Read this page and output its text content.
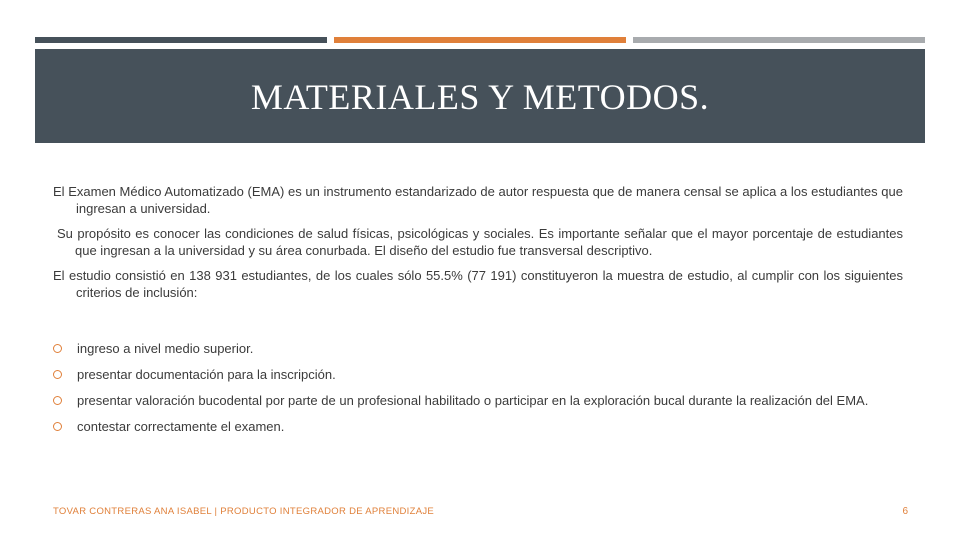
MATERIALES Y METODOS.

El Examen Médico Automatizado (EMA) es un instrumento estandarizado de autor respuesta que de manera censal se aplica a los estudiantes que ingresan a universidad.

Su propósito es conocer las condiciones de salud físicas, psicológicas y sociales. Es importante señalar que el mayor porcentaje de estudiantes que ingresan a la universidad y su área conurbada. El diseño del estudio fue transversal descriptivo.

El estudio consistió en 138 931 estudiantes, de los cuales sólo 55.5% (77 191) constituyeron la muestra de estudio, al cumplir con los siguientes criterios de inclusión:

ingreso a nivel medio superior.
presentar documentación para la inscripción.
presentar valoración bucodental por parte de un profesional habilitado o participar en la exploración bucal durante la realización del EMA.
contestar correctamente el examen.
TOVAR CONTRERAS ANA ISABEL | PRODUCTO INTEGRADOR DE APRENDIZAJE	6
